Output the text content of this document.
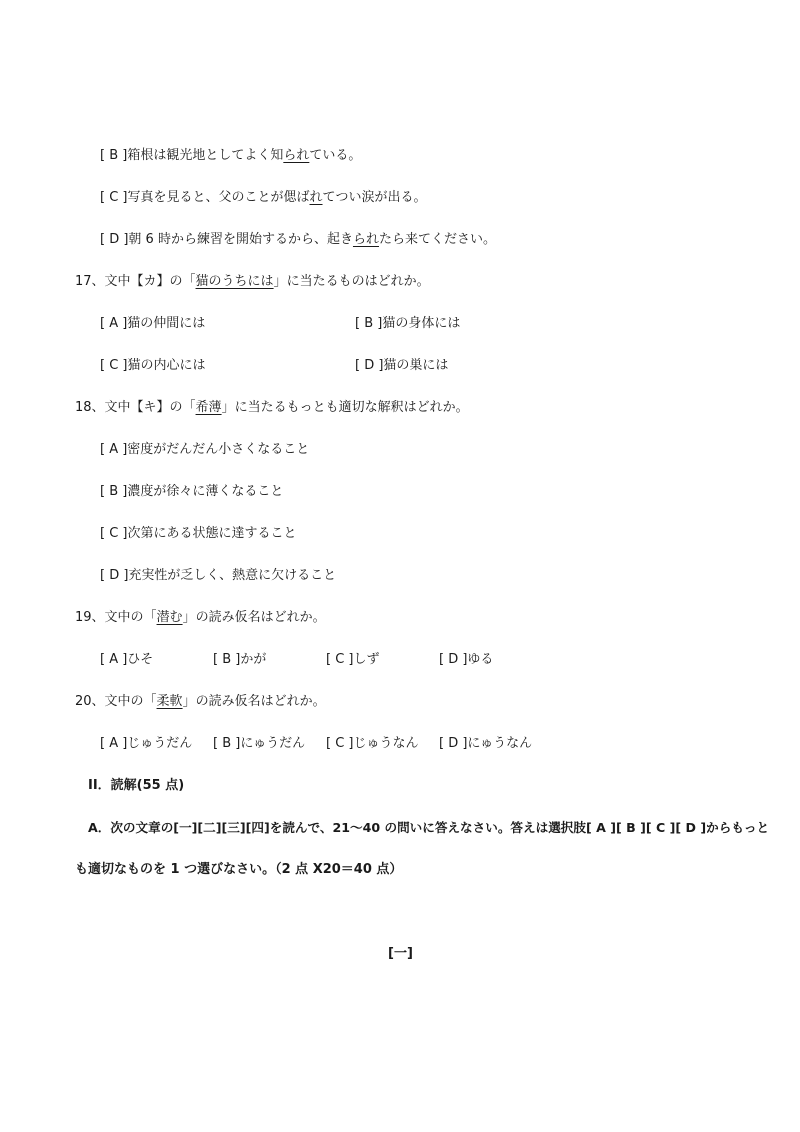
[ B ]箱根は観光地としてよく知られている。
[ C ]写真を見ると、父のことが偲ばれてつい涙が出る。
[ D ]朝 6 時から練習を開始するから、起きられたら来てください。
17、文中【カ】の「猫のうちには」に当たるものはどれか。
[ A ]猫の仲間には	[ B ]猫の身体には
[ C ]猫の内心には	[ D ]猫の巣には
18、文中【キ】の「希薄」に当たるもっとも適切な解釈はどれか。
[ A ]密度がだんだん小さくなること
[ B ]濃度が徐々に薄くなること
[ C ]次第にある状態に達すること
[ D ]充実性が乏しく、熱意に欠けること
19、文中の「潜む」の読み仮名はどれか。
[ A ]ひそ	[ B ]かが	[ C ]しず	[ D ]ゆる
20、文中の「柔軟」の読み仮名はどれか。
[ A ]じゅうだん [ B ]にゅうだん [ C ]じゅうなん [ D ]にゅうなん
II．読解(55 点)
A．次の文章の[一][二][三][四]を読んで、21～40 の問いに答えなさい。答えは選択肢[ A ][ B ][ C ][ D ]からもっと
も適切なものを 1 つ選びなさい。（2 点 X20＝40 点）
[一]
